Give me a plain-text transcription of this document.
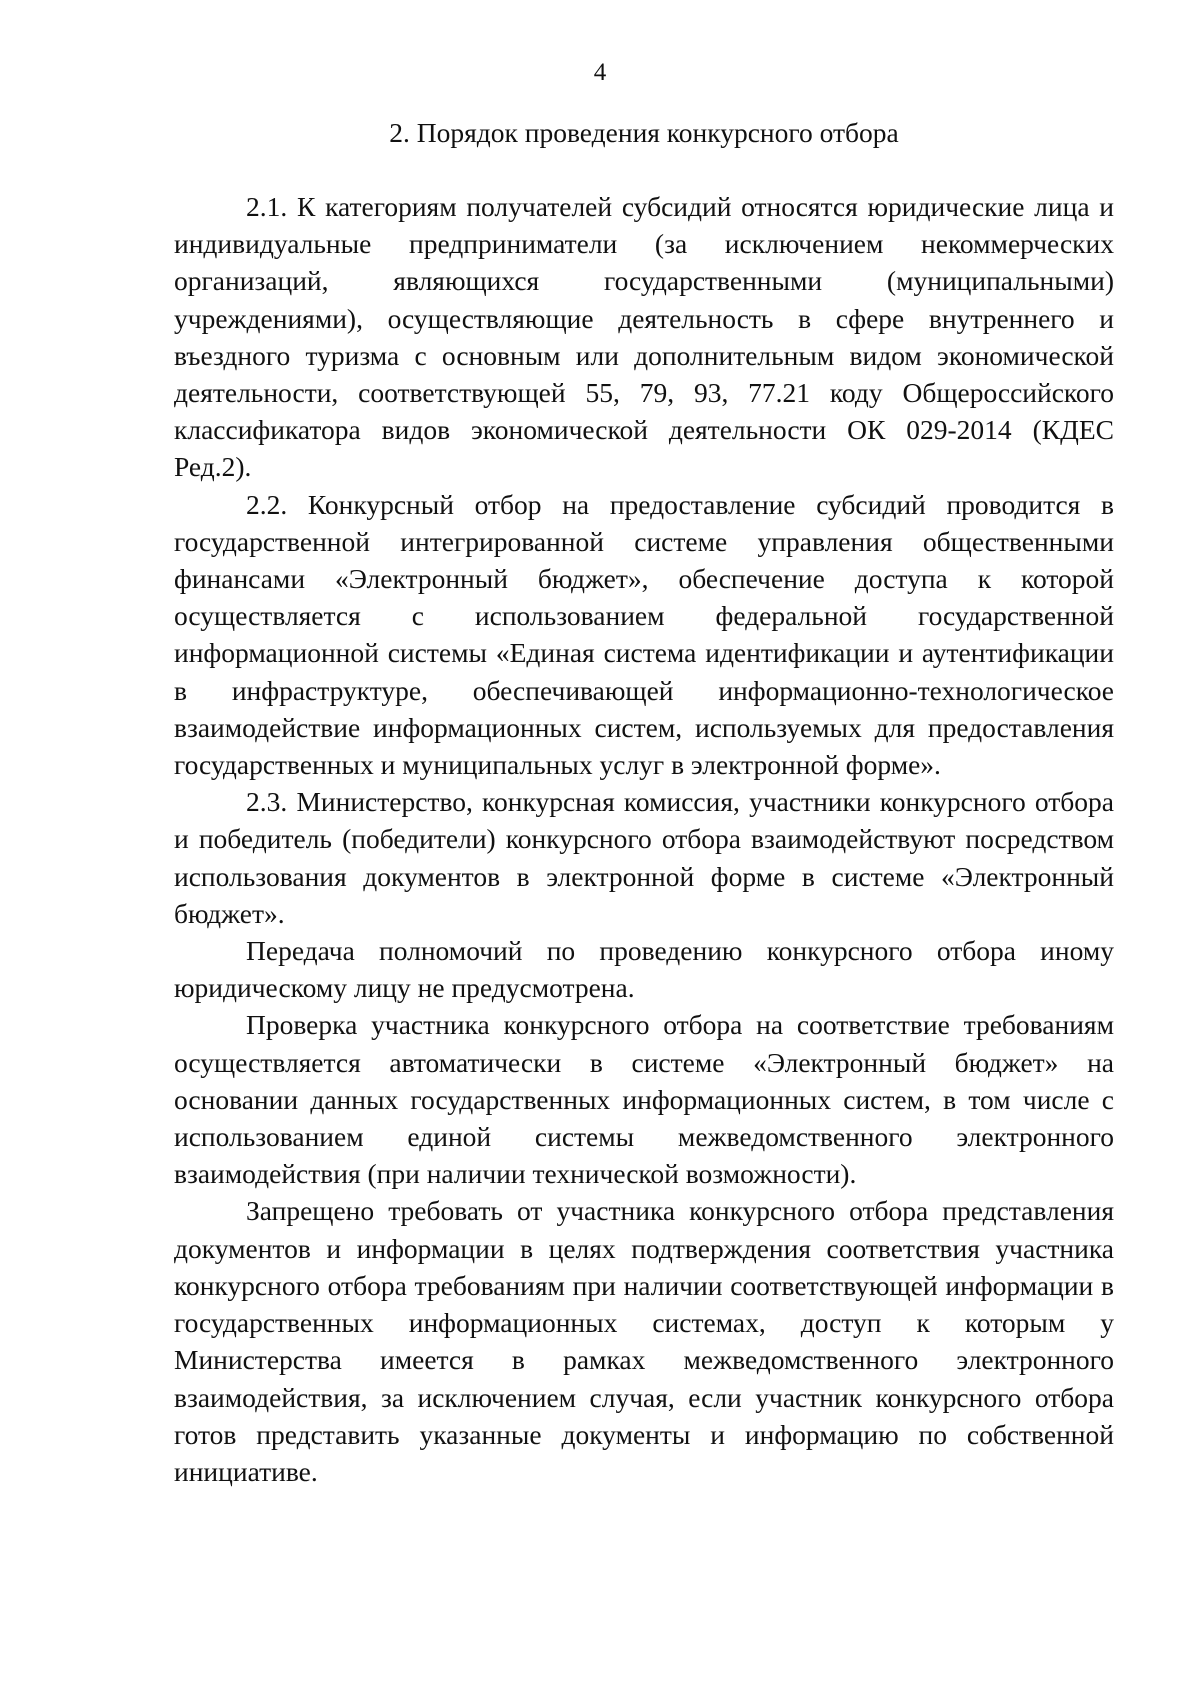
4
2. Порядок проведения конкурсного отбора

2.1. К категориям получателей субсидий относятся юридические лица и индивидуальные предприниматели (за исключением некоммерческих организаций, являющихся государственными (муниципальными) учреждениями), осуществляющие деятельность в сфере внутреннего и въездного туризма с основным или дополнительным видом экономической деятельности, соответствующей 55, 79, 93, 77.21 коду Общероссийского классификатора видов экономической деятельности ОК 029-2014 (КДЕС Ред.2).

2.2. Конкурсный отбор на предоставление субсидий проводится в государственной интегрированной системе управления общественными финансами «Электронный бюджет», обеспечение доступа к которой осуществляется с использованием федеральной государственной информационной системы «Единая система идентификации и аутентификации в инфраструктуре, обеспечивающей информационно-технологическое взаимодействие информационных систем, используемых для предоставления государственных и муниципальных услуг в электронной форме».

2.3. Министерство, конкурсная комиссия, участники конкурсного отбора и победитель (победители) конкурсного отбора взаимодействуют посредством использования документов в электронной форме в системе «Электронный бюджет».

Передача полномочий по проведению конкурсного отбора иному юридическому лицу не предусмотрена.

Проверка участника конкурсного отбора на соответствие требованиям осуществляется автоматически в системе «Электронный бюджет» на основании данных государственных информационных систем, в том числе с использованием единой системы межведомственного электронного взаимодействия (при наличии технической возможности).

Запрещено требовать от участника конкурсного отбора представления документов и информации в целях подтверждения соответствия участника конкурсного отбора требованиям при наличии соответствующей информации в государственных информационных системах, доступ к которым у Министерства имеется в рамках межведомственного электронного взаимодействия, за исключением случая, если участник конкурсного отбора готов представить указанные документы и информацию по собственной инициативе.
